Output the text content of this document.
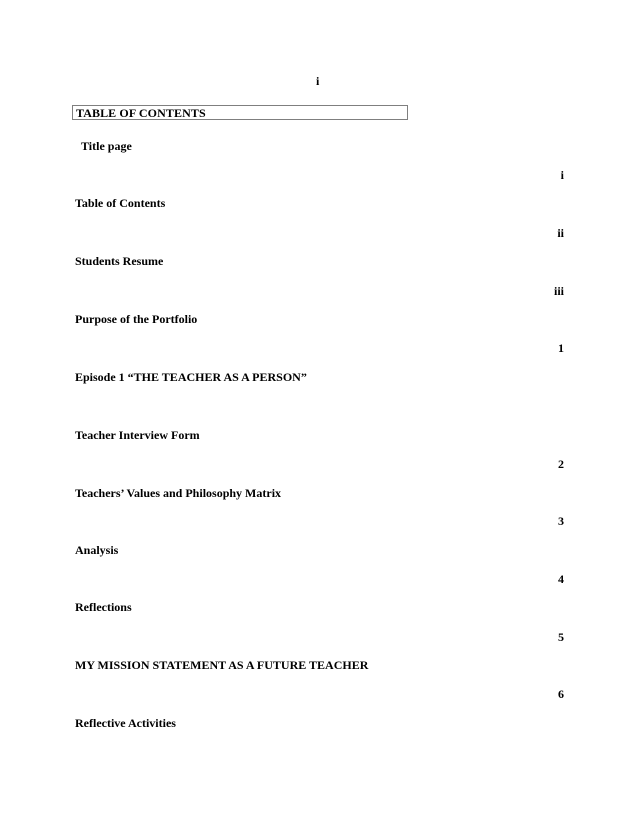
i
TABLE OF CONTENTS
Title page
i
Table of Contents
ii
Students Resume
iii
Purpose of the Portfolio
1
Episode 1 “THE TEACHER AS A PERSON”
Teacher Interview Form
2
Teachers’ Values and Philosophy Matrix
3
Analysis
4
Reflections
5
MY MISSION STATEMENT AS A FUTURE TEACHER
6
Reflective Activities
